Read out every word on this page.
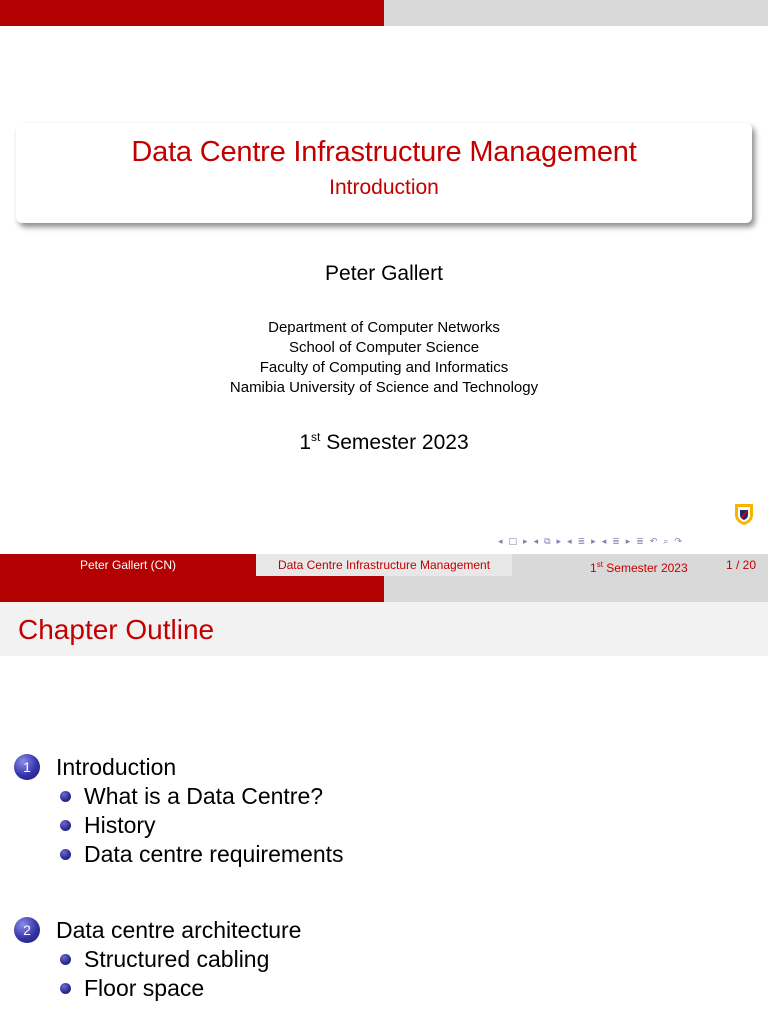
Data Centre Infrastructure Management
Introduction
Peter Gallert
Department of Computer Networks
School of Computer Science
Faculty of Computing and Informatics
Namibia University of Science and Technology
1st Semester 2023
◂ □ ▸ ◂ ⧉ ▸ ◂ ≣ ▸ ◂ ≣ ▸ ≣ ↶ ⌕ ↷
Peter Gallert (CN)	Data Centre Infrastructure Management	1st Semester 2023	1 / 20
Chapter Outline
1	Introduction
What is a Data Centre?
History
Data centre requirements
2	Data centre architecture
Structured cabling
Floor space
